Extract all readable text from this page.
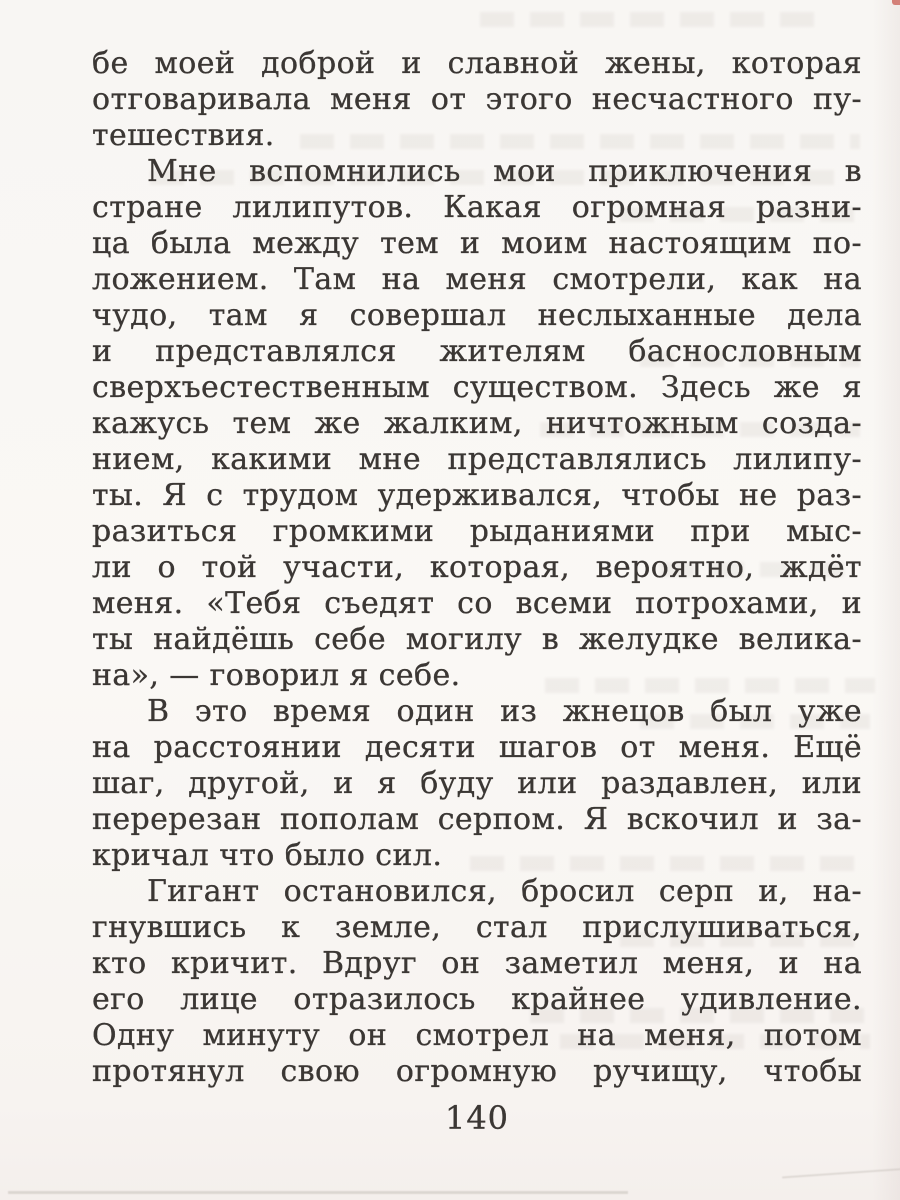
бе моей доброй и славной жены, которая
отговаривала меня от этого несчастного пу-
тешествия.
Мне вспомнились мои приключения в
стране лилипутов. Какая огромная разни-
ца была между тем и моим настоящим по-
ложением. Там на меня смотрели, как на
чудо, там я совершал неслыханные дела
и представлялся жителям баснословным
сверхъестественным существом. Здесь же я
кажусь тем же жалким, ничтожным созда-
нием, какими мне представлялись лилипу-
ты. Я с трудом удерживался, чтобы не раз-
разиться громкими рыданиями при мыс-
ли о той участи, которая, вероятно, ждёт
меня. «Тебя съедят со всеми потрохами, и
ты найдёшь себе могилу в желудке велика-
на», — говорил я себе.
В это время один из жнецов был уже
на расстоянии десяти шагов от меня. Ещё
шаг, другой, и я буду или раздавлен, или
перерезан пополам серпом. Я вскочил и за-
кричал что было сил.
Гигант остановился, бросил серп и, на-
гнувшись к земле, стал прислушиваться,
кто кричит. Вдруг он заметил меня, и на
его лице отразилось крайнее удивление.
Одну минуту он смотрел на меня, потом
протянул свою огромную ручищу, чтобы
140
